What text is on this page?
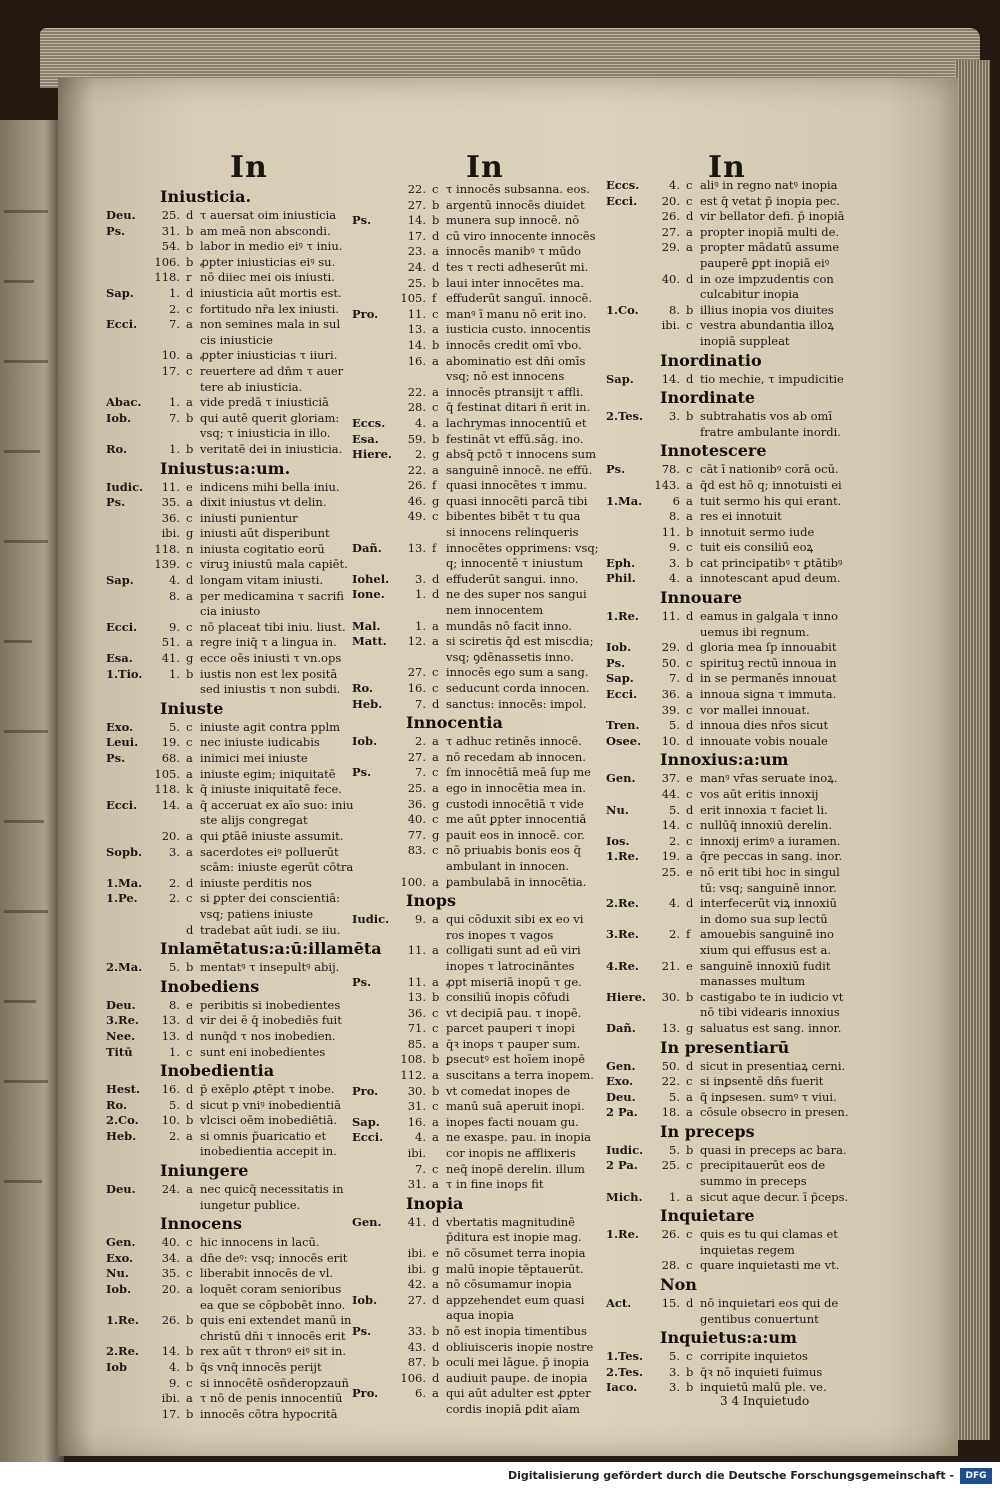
In	In	In
Iniusticia.
Deu. 25. d τ auersat oim iniusticia
Ps.	31. b am meā non abscondi.
54. b labor in medio eiꝰ τ iniu.
106. b ꝓpter iniusticias eiꝰ su.
118. r nō diiec mei ois iniusti.
Sap.	1. d iniusticia aūt mortis est.
2. c fortitudo nr̄a lex iniusti.
Ecci.	7. a non semines mala in sul
cis iniusticie
10. a ꝓpter iniusticias τ iiuri.
17. c reuertere ad dn̄m τ auer
tere ab iniusticia.
Abac. 1. a vide predā τ iniusticiā
Iob.	7. b qui autē querit gloriam:
vsq; τ iniusticia in illo.
Ro.	1. b veritatē dei in iniusticia.
Iniustus:a:um.
Iudic. 11. e indicens mihi bella iniu.
Ps.	35. a dixit iniustus vt delin.
36. c iniusti punientur
ibi. g iniusti aūt disperibunt
118. n iniusta cogitatio eorū
139. c viruꝫ iniustū mala capiēt.
Sap.	4. d longam vitam iniusti.
8. a per medicamina τ sacrifi
cia iniusto
Ecci.	9. c nō placeat tibi iniu. liust.
51. a regre iniq̄ τ a lingua in.
Esa.	41. g ecce oēs iniusti τ vn.ops
1.Tio. 1. b iustis non est lex positā
sed iniustis τ non subdi.
Iniuste
Exo.	5. c iniuste agit contra pplm
Leui. 19. c nec iniuste iudicabis
Ps.	68. a inimici mei iniuste
105. a iniuste egim; iniquitatē
118. k q̄ iniuste iniquitatē fece.
Ecci. 14. a q̄ acceruat ex aīo suo: iniu
ste alijs congregat
20. a qui ꝑtāē iniuste assumit.
Sopb. 3. a sacerdotes eiꝰ polluerūt
scām: iniuste egerūt cōtra
1.Ma. 2. d iniuste perditis nos
1.Pe.	2. c si ꝑpter dei conscientiā:
vsq; patiens iniuste
d tradebat aūt iudi. se iiu.
Inlamētatus:a:ū:illamēta
2.Ma. 5. b mentatꝰ τ insepultꝰ abij.
Inobediens
Deu.	8. e peribitis si inobedientes
3.Re. 13. d vir dei ē q̄ inobediēs fuit
Nee. 13. d nunq̄d τ nos inobedien.
Titū	1. c sunt eni inobedientes
Inobedientia
Hest. 16. d p̄ exēplo ꝓtēpt τ inobe.
Ro.	5. d sicut p vniꝰ inobedientiā
2.Co. 10. b vlcisci oēm inobediētiā.
Heb.	2. a si omnis p̄uaricatio et
inobedientia accepit in.
Iniungere
Deu. 24. a nec quicq̄ necessitatis in
iungetur publice.
Innocens
Gen. 40. c hic innocens in lacū.
Exo. 34. a dn̄e deꝰ: vsq; innocēs erit
Nu.	35. c liberabit innocēs de vl.
Iob.	20. a loquēt coram senioribus
ea que se cōpbobēt inno.
1.Re. 26. b quis eni extendet manū in
christū dn̄i τ innocēs erit
2.Re. 14. b rex aūt τ thronꝰ eiꝰ sit in.
Iob	4. b q̄s vnq̄ innocēs perijt
9. c si innocētē osñderopzauñ
ibi. a τ nō de penis innocentiū
17. b innocēs cōtra hypocritā
22. c τ innocēs subsanna. eos.
27. b argentū innocēs diuidet
Ps.	14. b munera sup innocē. nō
17. d cū viro innocente innocēs
23. a innocēs manibꝰ τ mūdo
24. d tes τ recti adheserūt mi.
25. b laui inter innocētes ma.
105. f effuderūt sanguī. innocē.
Pro.	11. c manꝰ ī manu nō erit ino.
13. a iusticia custo. innocentis
14. b innocēs credit omī vbo.
16. a abominatio est dn̄i omīs
vsq; nō est innocens
22. a innocēs ptransijt τ affli.
28. c q̄ festinat ditari ñ erit in.
Eccs.	4. a lachrymas innocentiū et
Esa.	59. b festināt vt effū.sāg. ino.
Hiere. 2. g absq̄ pctō τ innocens sum
22. a sanguinē innocē. ne effū.
26. f quasi innocētes τ immu.
46. g quasi innocēti parcā tibi
49. c bibentes bibēt τ tu qua
si innocens relinqueris
Dañ. 13. f innocētes opprimens: vsq;
q; innocentē τ iniustum
Iohel. 3. d effuderūt sangui. inno.
Ione.	1. d ne des super nos sangui
nem innocentem
Mal.	1. a mundās nō facit inno.
Matt. 12. a si sciretis q̄d est miscdia;
vsq; ꝯdēnassetis inno.
27. c innocēs ego sum a sang.
Ro.	16. c seducunt corda innocen.
Heb.	7. d sanctus: innocēs: impol.
Innocentia
Iob.	2. a τ adhuc retinēs innocē.
27. a nō recedam ab innocen.
Ps.	7. c ſm innocētiā meā ſup me
25. a ego in innocētia mea in.
36. g custodi innocētiā τ vide
40. c me aūt ꝑpter innocentiā
77. g pauit eos in innocē. cor.
83. c nō priuabis bonis eos q̄
ambulant in innocen.
100. a ꝑambulabā in innocētia.
Inops
Iudic. 9. a qui cōduxit sibi ex eo vi
ros inopes τ vagos
11. a colligati sunt ad eū viri
inopes τ latrocināntes
Ps.	11. a ꝓpt miseriā inopū τ ge.
13. b consiliū inopis cōfudi
36. c vt decipiā pau. τ inopē.
71. c parcet pauperi τ inopi
85. a q̄ꝛ inops τ pauper sum.
108. b ꝑsecutꝰ est hoīem inopē
112. a suscitans a terra inopem.
Pro.	30. b vt comedat inopes de
31. c manū suā aperuit inopi.
Sap. 16. a inopes facti nouam gu.
Ecci.	4. a ne exaspe. pau. in inopia
ibi. cor inopis ne afflixeris
7. c neq̄ inopē derelin. illum
31. a τ in fine inops fit
Inopia
Gen. 41. d vbertatis magnitudinē
p̄ditura est inopie mag.
ibi. e nō cōsumet terra inopia
ibi. g malū inopie tēptauerūt.
42. a nō cōsumamur inopia
Iob.	27. d appzehendet eum quasi
aqua inopia
Ps.	33. b nō est inopia timentibus
43. d obliuisceris inopie nostre
87. b oculi mei lāgue. p̄ inopia
106. d audiuit paupe. de inopia
Pro.	6. a qui aūt adulter est ꝓpter
cordis inopiā ꝑdit aīam
Eccs.	4. c aliꝰ in regno natꝰ inopia
Ecci. 20. c est q̄ vetat p̄ inopia pec.
26. d vir bellator defi. p̄ inopiā
27. a propter inopiā multi de.
29. a propter mādatū assume
pauperē ꝑpt inopiā eiꝰ
40. d in oze impzudentis con
culcabitur inopia
1.Co.	8. b illius inopia vos diuites
ibi. c vestra abundantia illoꝝ
inopiā suppleat
Inordinatio
Sap. 14. d tio mechie, τ impudicitie
Inordinate
2.Tes. 3. b subtrahatis vos ab omī
fratre ambulante inordi.
Innotescere
Ps.	78. c cāt ī nationibꝰ corā ocū.
143. a q̄d est hō q; innotuisti ei
1.Ma.	6 a tuit sermo his qui erant.
8. a res ei innotuit
11. b innotuit sermo iude
9. c tuit eis consiliū eoꝝ
Eph.	3. b cat principatibꝰ τ ꝑtātibꝰ
Phil.	4. a innotescant apud deum.
Innouare
1.Re. 11. d eamus in galgala τ inno
uemus ibi regnum.
Iob.	29. d gloria mea ſp innouabit
Ps.	50. c spirituꝫ rectū innoua in
Sap.	7. d in se permanēs innouat
Ecci. 36. a innoua signa τ immuta.
39. c vor mallei innouat.
Tren.	5. d innoua dies nr̄os sicut
Osee. 10. d innouate vobis nouale
Innoxius:a:um
Gen. 37. e manꝰ vr̄as seruate inoꝝ.
44. c vos aūt eritis innoxij
Nu.	5. d erit innoxia τ faciet li.
14. c nullūq̄ innoxiū derelin.
Ios.	2. c innoxij erimꝰ a iuramen.
1.Re. 19. a q̄re peccas in sang. inor.
25. e nō erit tibi hoc in singul
tū: vsq; sanguinē innor.
2.Re.	4. d interfecerūt viꝝ innoxiū
in domo sua sup lectū
3.Re.	2. f amouebis sanguinē ino
xium qui effusus est a.
4.Re. 21. e sanguinē innoxiū fudit
manasses multum
Hiere. 30. b castigabo te in iudicio vt
nō tibi videaris innoxius
Dañ. 13. g saluatus est sang. innor.
In presentiarū
Gen. 50. d sicut in presentiaꝝ cerni.
Exo. 22. c si inꝑsentē dn̄s fuerit
Deu.	5. a q̄ inꝑsesen. sumꝰ τ viui.
2 Pa. 18. a cōsule obsecro in presen.
In preceps
Iudic. 5. b quasi in preceps ac bara.
2 Pa. 25. c precipitauerūt eos de
summo in preceps
Mich. 1. a sicut aque decur. ī p̄ceps.
Inquietare
1.Re. 26. c quis es tu qui clamas et
inquietas regem
28. c quare inquietasti me vt.
Non
Act.	15. d nō inquietari eos qui de
gentibus conuertunt
Inquietus:a:um
1.Tes. 5. c corripite inquietos
2.Tes. 3. b q̄ꝛ nō inquieti fuimus
Iaco.	3. b inquietū malū ple. ve.
3 4 Inquietudo
Digitalisierung gefördert durch die Deutsche Forschungsgemeinschaft -	DFG
